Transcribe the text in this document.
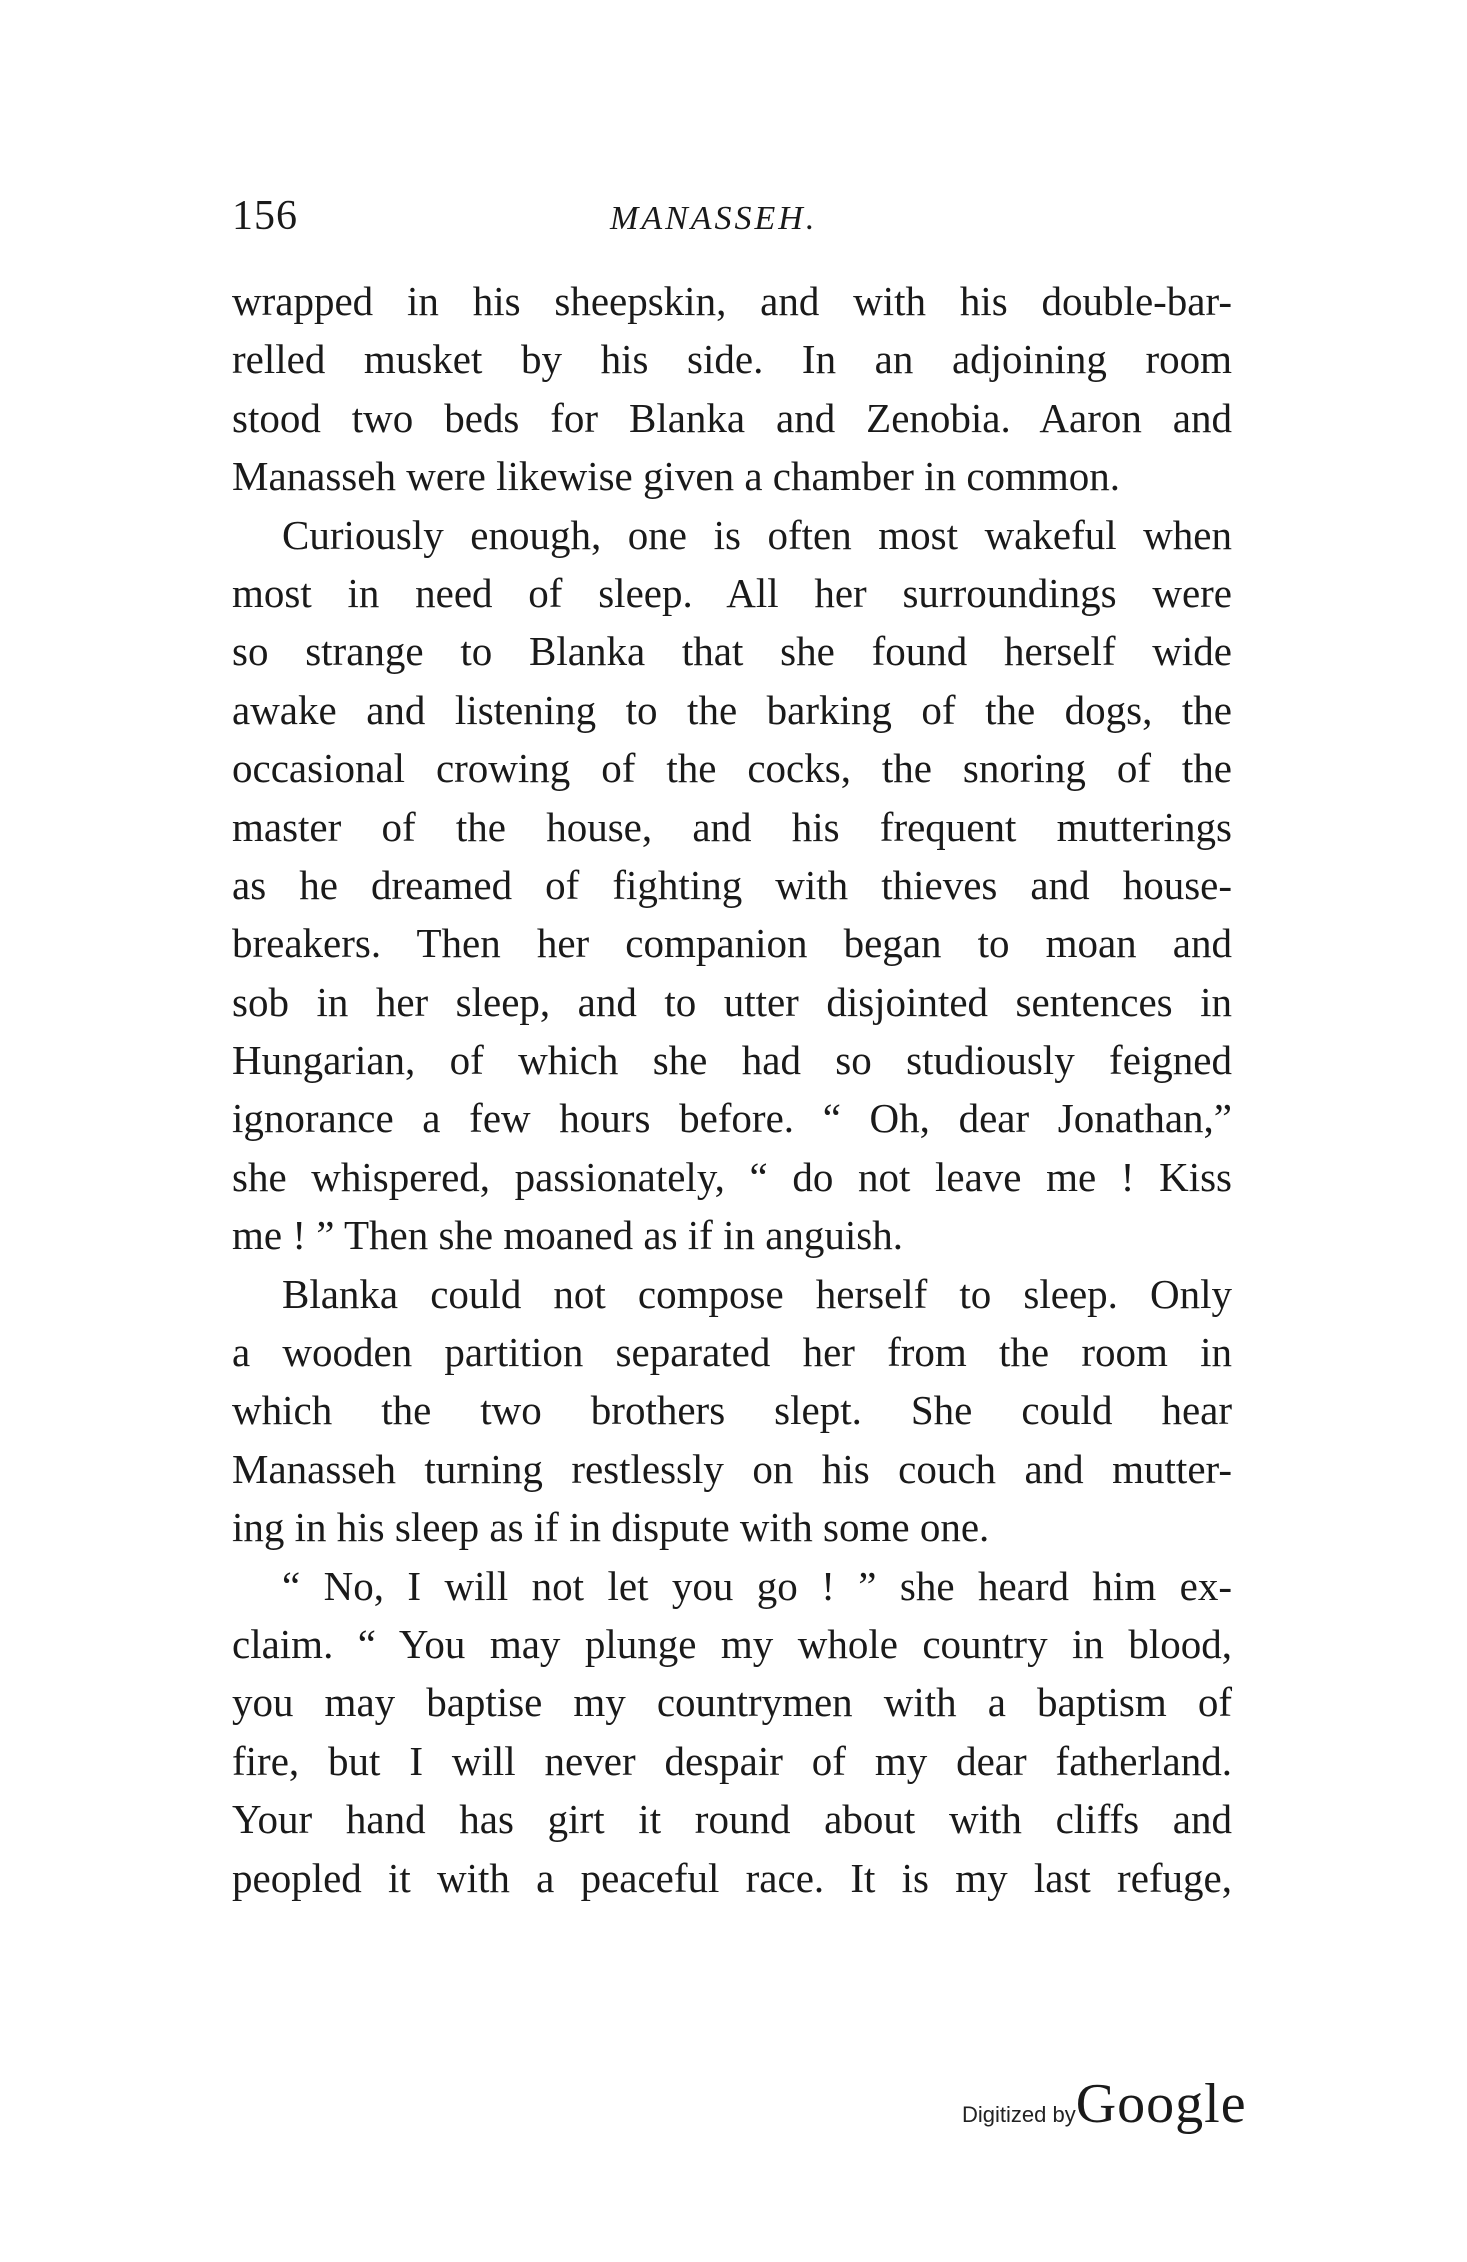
156	MANASSEH.
wrapped in his sheepskin, and with his double-bar-
relled musket by his side. In an adjoining room
stood two beds for Blanka and Zenobia. Aaron and
Manasseh were likewise given a chamber in common.
Curiously enough, one is often most wakeful when
most in need of sleep. All her surroundings were
so strange to Blanka that she found herself wide
awake and listening to the barking of the dogs, the
occasional crowing of the cocks, the snoring of the
master of the house, and his frequent mutterings
as he dreamed of fighting with thieves and house-
breakers. Then her companion began to moan and
sob in her sleep, and to utter disjointed sentences in
Hungarian, of which she had so studiously feigned
ignorance a few hours before. “ Oh, dear Jonathan,”
she whispered, passionately, “ do not leave me ! Kiss
me ! ” Then she moaned as if in anguish.
Blanka could not compose herself to sleep. Only
a wooden partition separated her from the room in
which the two brothers slept. She could hear
Manasseh turning restlessly on his couch and mutter-
ing in his sleep as if in dispute with some one.
“ No, I will not let you go ! ” she heard him ex-
claim. “ You may plunge my whole country in blood,
you may baptise my countrymen with a baptism of
fire, but I will never despair of my dear fatherland.
Your hand has girt it round about with cliffs and
peopled it with a peaceful race. It is my last refuge,
Digitized byGoogle
